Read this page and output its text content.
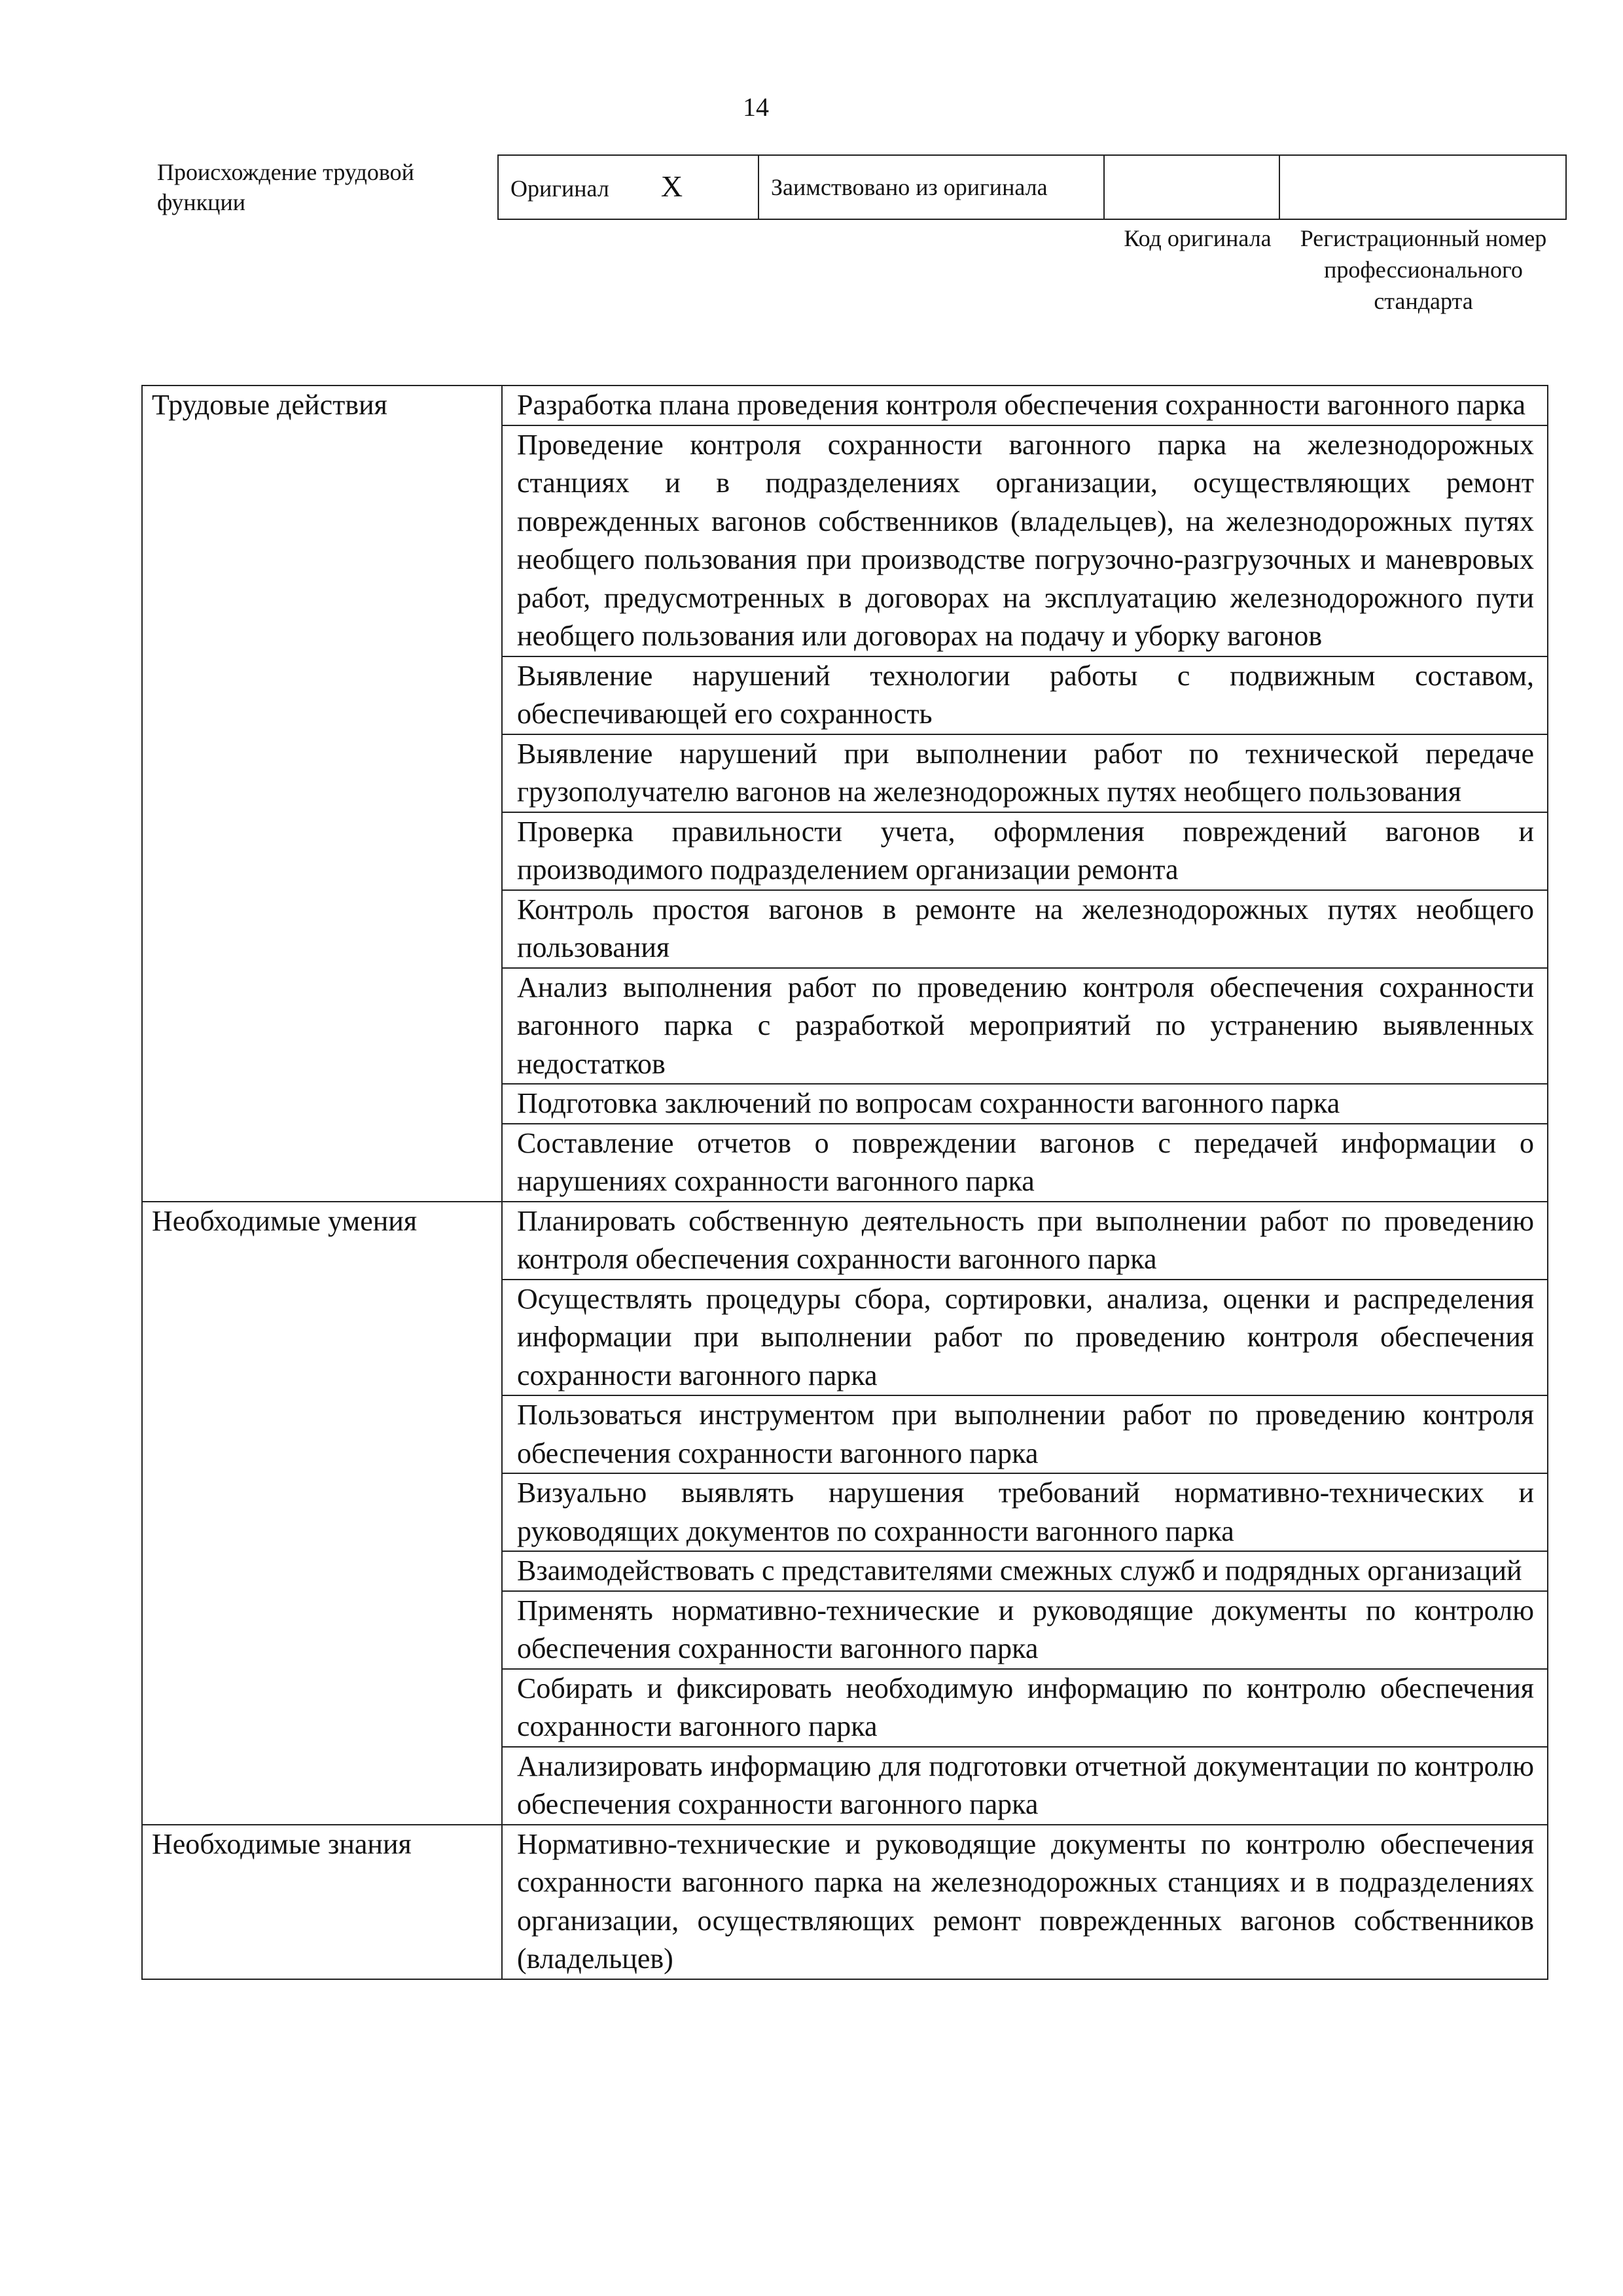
14
Происхождение трудовой функции
Оригинал X	Заимствовано из оригинала		
Код оригинала	Регистрационный номер профессионального стандарта
Трудовые действия	Разработка плана проведения контроля обеспечения сохранности вагонного парка
	Проведение контроля сохранности вагонного парка на железнодорожных станциях и в подразделениях организации, осуществляющих ремонт поврежденных вагонов собственников (владельцев), на железнодорожных путях необщего пользования при производстве погрузочно-разгрузочных и маневровых работ, предусмотренных в договорах на эксплуатацию железнодорожного пути необщего пользования или договорах на подачу и уборку вагонов
	Выявление нарушений технологии работы с подвижным составом, обеспечивающей его сохранность
	Выявление нарушений при выполнении работ по технической передаче грузополучателю вагонов на железнодорожных путях необщего пользования
	Проверка правильности учета, оформления повреждений вагонов и производимого подразделением организации ремонта
	Контроль простоя вагонов в ремонте на железнодорожных путях необщего пользования
	Анализ выполнения работ по проведению контроля обеспечения сохранности вагонного парка с разработкой мероприятий по устранению выявленных недостатков
	Подготовка заключений по вопросам сохранности вагонного парка
	Составление отчетов о повреждении вагонов с передачей информации о нарушениях сохранности вагонного парка
Необходимые умения	Планировать собственную деятельность при выполнении работ по проведению контроля обеспечения сохранности вагонного парка
	Осуществлять процедуры сбора, сортировки, анализа, оценки и распределения информации при выполнении работ по проведению контроля обеспечения сохранности вагонного парка
	Пользоваться инструментом при выполнении работ по проведению контроля обеспечения сохранности вагонного парка
	Визуально выявлять нарушения требований нормативно-технических и руководящих документов по сохранности вагонного парка
	Взаимодействовать с представителями смежных служб и подрядных организаций
	Применять нормативно-технические и руководящие документы по контролю обеспечения сохранности вагонного парка
	Собирать и фиксировать необходимую информацию по контролю обеспечения сохранности вагонного парка
	Анализировать информацию для подготовки отчетной документации по контролю обеспечения сохранности вагонного парка
Необходимые знания	Нормативно-технические и руководящие документы по контролю обеспечения сохранности вагонного парка на железнодорожных станциях и в подразделениях организации, осуществляющих ремонт поврежденных вагонов собственников (владельцев)
